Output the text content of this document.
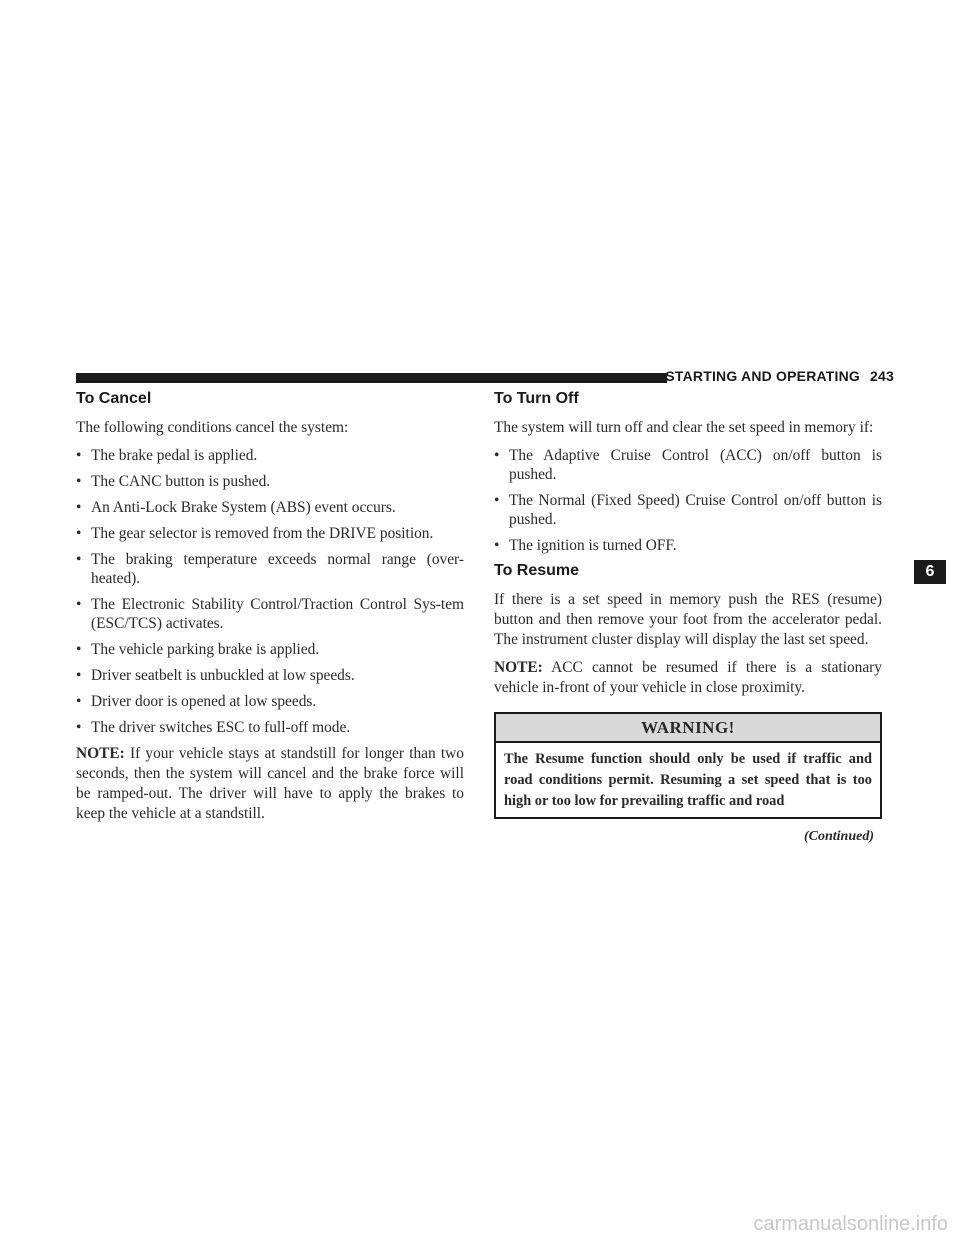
STARTING AND OPERATING 243
6
To Cancel

The following conditions cancel the system:

• The brake pedal is applied.
• The CANC button is pushed.
• An Anti-Lock Brake System (ABS) event occurs.
• The gear selector is removed from the DRIVE position.
• The braking temperature exceeds normal range (over-heated).
• The Electronic Stability Control/Traction Control Sys-tem (ESC/TCS) activates.
• The vehicle parking brake is applied.
• Driver seatbelt is unbuckled at low speeds.
• Driver door is opened at low speeds.
• The driver switches ESC to full-off mode.

NOTE: If your vehicle stays at standstill for longer than two seconds, then the system will cancel and the brake force will be ramped-out. The driver will have to apply the brakes to keep the vehicle at a standstill.

To Turn Off

The system will turn off and clear the set speed in memory if:

• The Adaptive Cruise Control (ACC) on/off button is pushed.
• The Normal (Fixed Speed) Cruise Control on/off button is pushed.
• The ignition is turned OFF.
To Resume

If there is a set speed in memory push the RES (resume) button and then remove your foot from the accelerator pedal. The instrument cluster display will display the last set speed.

NOTE: ACC cannot be resumed if there is a stationary vehicle in-front of your vehicle in close proximity.

WARNING!
The Resume function should only be used if traffic and road conditions permit. Resuming a set speed that is too high or too low for prevailing traffic and road
(Continued)
carmanualsonline.info
